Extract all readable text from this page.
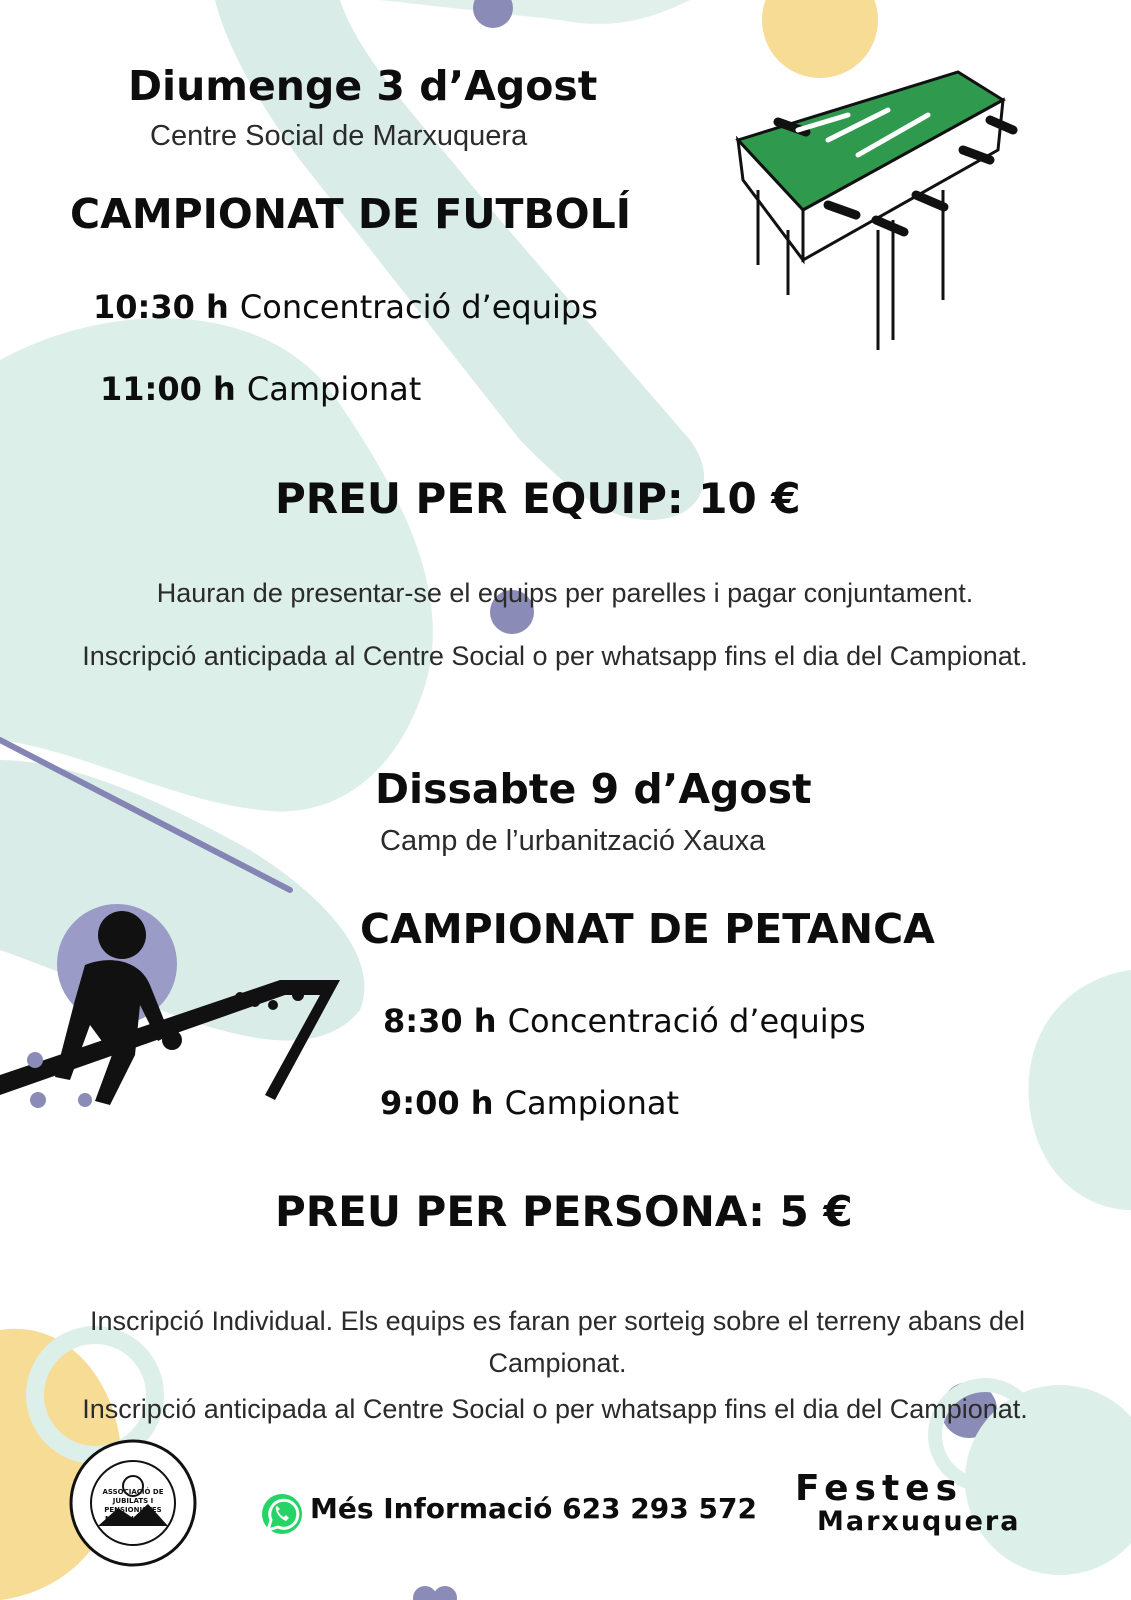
Diumenge 3 d’Agost
Centre Social de Marxuquera
CAMPIONAT DE FUTBOLÍ
10:30 h Concentració d’equips
11:00 h Campionat
PREU PER EQUIP: 10 €
Hauran de presentar-se el equips per parelles i pagar conjuntament.
Inscripció anticipada al Centre Social o per whatsapp fins el dia del Campionat.
Dissabte 9 d’Agost
Camp de l’urbanització Xauxa
CAMPIONAT DE PETANCA
8:30 h Concentració d’equips
9:00 h Campionat
PREU PER PERSONA: 5 €
Inscripció Individual. Els equips es faran per sorteig sobre el terreny abans del Campionat.
Inscripció anticipada al Centre Social o per whatsapp fins el dia del Campionat.
ASSOCIACIÓ DE JUBILATS I PENSIONISTES MARXUQUERA	Més Informació 623 293 572 Festes
Marxuquera
